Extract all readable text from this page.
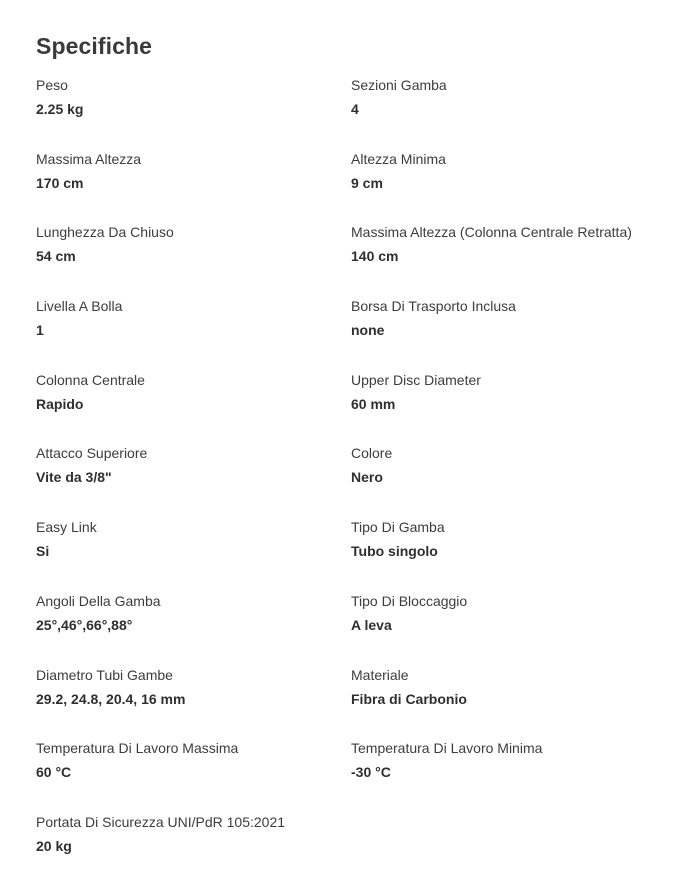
Specifiche
Peso
2.25 kg
Sezioni Gamba
4
Massima Altezza
170 cm
Altezza Minima
9 cm
Lunghezza Da Chiuso
54 cm
Massima Altezza (Colonna Centrale Retratta)
140 cm
Livella A Bolla
1
Borsa Di Trasporto Inclusa
none
Colonna Centrale
Rapido
Upper Disc Diameter
60 mm
Attacco Superiore
Vite da 3/8"
Colore
Nero
Easy Link
Si
Tipo Di Gamba
Tubo singolo
Angoli Della Gamba
25°,46°,66°,88°
Tipo Di Bloccaggio
A leva
Diametro Tubi Gambe
29.2, 24.8, 20.4, 16 mm
Materiale
Fibra di Carbonio
Temperatura Di Lavoro Massima
60 °C
Temperatura Di Lavoro Minima
-30 °C
Portata Di Sicurezza UNI/PdR 105:2021
20 kg
